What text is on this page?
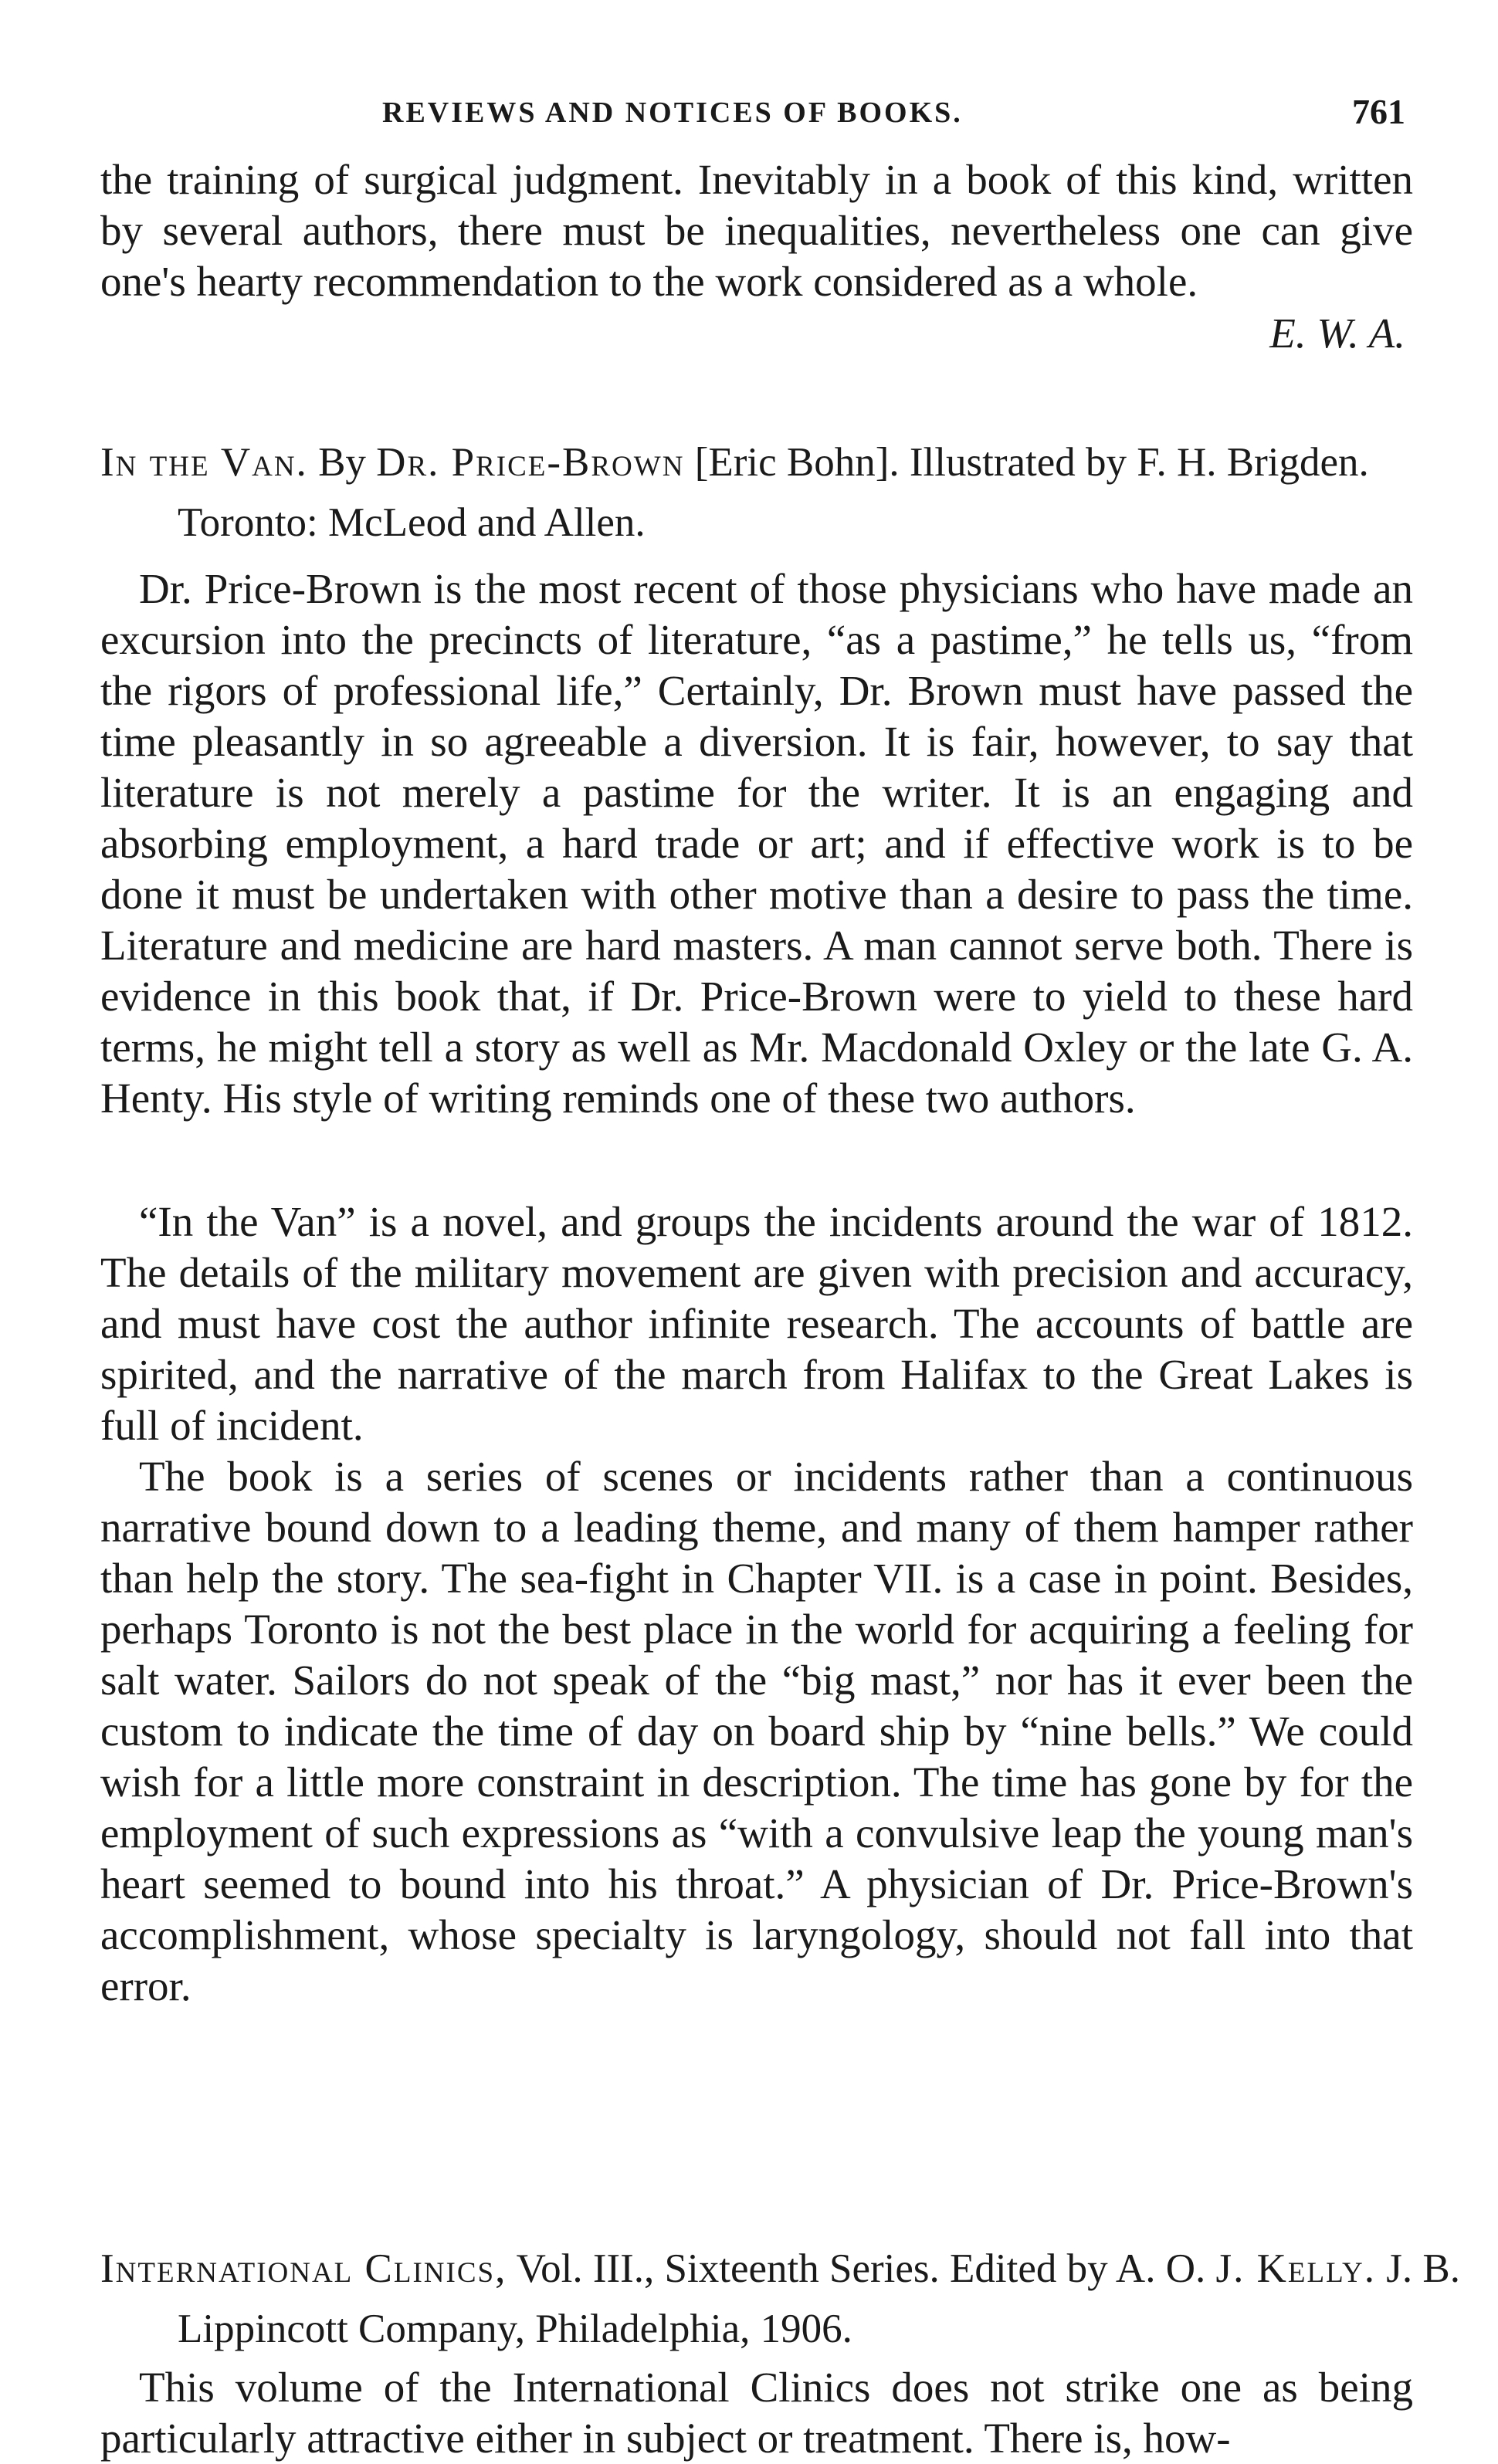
REVIEWS AND NOTICES OF BOOKS.	761

the training of surgical judgment. Inevitably in a book of this kind, written by several authors, there must be inequalities, nevertheless one can give one's hearty recommendation to the work considered as a whole.

E. W. A.

In the Van. By Dr. Price-Brown [Eric Bohn]. Illustrated by F. H. Brigden. Toronto: McLeod and Allen.

Dr. Price-Brown is the most recent of those physicians who have made an excursion into the precincts of literature, “as a pastime,” he tells us, “from the rigors of professional life,” Certainly, Dr. Brown must have passed the time pleasantly in so agreeable a diversion. It is fair, however, to say that literature is not merely a pastime for the writer. It is an engaging and absorbing employment, a hard trade or art; and if effective work is to be done it must be undertaken with other motive than a desire to pass the time. Literature and medicine are hard masters. A man cannot serve both. There is evidence in this book that, if Dr. Price-Brown were to yield to these hard terms, he might tell a story as well as Mr. Macdonald Oxley or the late G. A. Henty. His style of writing reminds one of these two authors.

“In the Van” is a novel, and groups the incidents around the war of 1812. The details of the military movement are given with precision and accuracy, and must have cost the author infinite research. The accounts of battle are spirited, and the narrative of the march from Halifax to the Great Lakes is full of incident.

The book is a series of scenes or incidents rather than a continuous narrative bound down to a leading theme, and many of them hamper rather than help the story. The sea-fight in Chapter VII. is a case in point. Besides, perhaps Toronto is not the best place in the world for acquiring a feeling for salt water. Sailors do not speak of the “big mast,” nor has it ever been the custom to indicate the time of day on board ship by “nine bells.” We could wish for a little more constraint in description. The time has gone by for the employment of such expressions as “with a convulsive leap the young man's heart seemed to bound into his throat.” A physician of Dr. Price-Brown's accomplishment, whose specialty is laryngology, should not fall into that error.

International Clinics, Vol. III., Sixteenth Series. Edited by A. O. J. Kelly. J. B. Lippincott Company, Philadelphia, 1906.

This volume of the International Clinics does not strike one as being particularly attractive either in subject or treatment. There is, how-
